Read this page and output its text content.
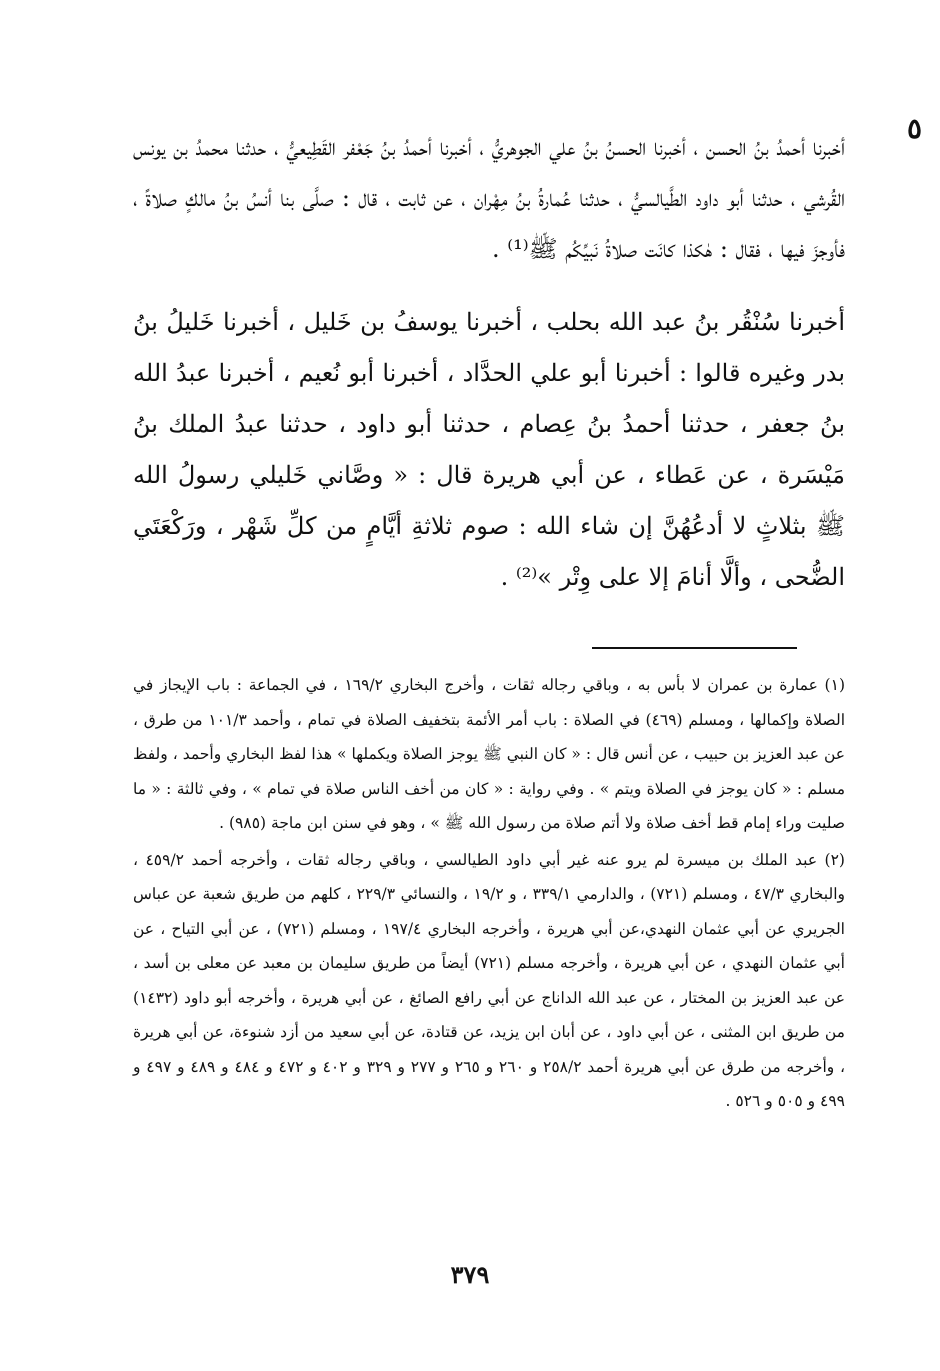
٥

أخبرنا أحمدُ بنُ الحسن ، أخبرنا الحسنُ بنُ علي الجوهريُّ ، أخبرنا أحمدُ بنُ جَعْفر القَطِيعيُّ ، حدثنا محمدُ بن يونس القُرشي ، حدثنا أبو داود الطَّيالسيُّ ، حدثنا عُمارةُ بنُ مِهْران ، عن ثابت ، قال : صلَّى بنا أنسُ بنُ مالكٍ صلاةً ، فأوجزَ فيها ، فقال : هٰكذا كانَت صلاةُ نَبيِّكُم ﷺ⁽¹⁾ .

أخبرنا سُنْقُر بنُ عبد الله بحلب ، أخبرنا يوسفُ بن خَليل ، أخبرنا خَليلُ بنُ بدر وغيره قالوا : أخبرنا أبو علي الحدَّاد ، أخبرنا أبو نُعيم ، أخبرنا عبدُ الله بنُ جعفر ، حدثنا أحمدُ بنُ عِصام ، حدثنا أبو داود ، حدثنا عبدُ الملك بنُ مَيْسَرة ، عن عَطاء ، عن أبي هريرة قال : « وصَّاني خَليلي رسولُ الله ﷺ بثلاثٍ لا أدعُهُنَّ إن شاء الله : صوم ثلاثةِ أيَّامٍ من كلِّ شَهْر ، ورَكْعَتَي الضُّحى ، وألَّا أنامَ إلا على وِتْر »⁽²⁾ .

(١) عمارة بن عمران لا بأس به ، وباقي رجاله ثقات ، وأخرج البخاري ١٦٩/٢ ، في الجماعة : باب الإيجاز في الصلاة وإكمالها ، ومسلم (٤٦٩) في الصلاة : باب أمر الأئمة بتخفيف الصلاة في تمام ، وأحمد ١٠١/٣ من طرق ، عن عبد العزيز بن حبيب ، عن أنس قال : « كان النبي ﷺ يوجز الصلاة ويكملها » هذا لفظ البخاري وأحمد ، ولفظ مسلم : « كان يوجز في الصلاة ويتم » . وفي رواية : « كان من أخف الناس صلاة في تمام » ، وفي ثالثة : « ما صليت وراء إمام قط أخف صلاة ولا أتم صلاة من رسول الله ﷺ » ، وهو في سنن ابن ماجة (٩٨٥) .

(٢) عبد الملك بن ميسرة لم يرو عنه غير أبي داود الطيالسي ، وباقي رجاله ثقات ، وأخرجه أحمد ٤٥٩/٢ ، والبخاري ٤٧/٣ ، ومسلم (٧٢١) ، والدارمي ٣٣٩/١ ، و ١٩/٢ ، والنسائي ٢٢٩/٣ ، كلهم من طريق شعبة عن عباس الجريري عن أبي عثمان النهدي،عن أبي هريرة ، وأخرجه البخاري ١٩٧/٤ ، ومسلم (٧٢١) ، عن أبي التياح ، عن أبي عثمان النهدي ، عن أبي هريرة ، وأخرجه مسلم (٧٢١) أيضاً من طريق سليمان بن معبد عن معلى بن أسد ، عن عبد العزيز بن المختار ، عن عبد الله الداناج عن أبي رافع الصائغ ، عن أبي هريرة ، وأخرجه أبو داود (١٤٣٢) من طريق ابن المثنى ، عن أبي داود ، عن أبان ابن يزيد، عن قتادة، عن أبي سعيد من أزد شنوءة، عن أبي هريرة ، وأخرجه من طرق عن أبي هريرة أحمد ٢٥٨/٢ و ٢٦٠ و ٢٦٥ و ٢٧٧ و ٣٢٩ و ٤٠٢ و ٤٧٢ و ٤٨٤ و ٤٨٩ و ٤٩٧ و ٤٩٩ و ٥٠٥ و ٥٢٦ .

٣٧٩
